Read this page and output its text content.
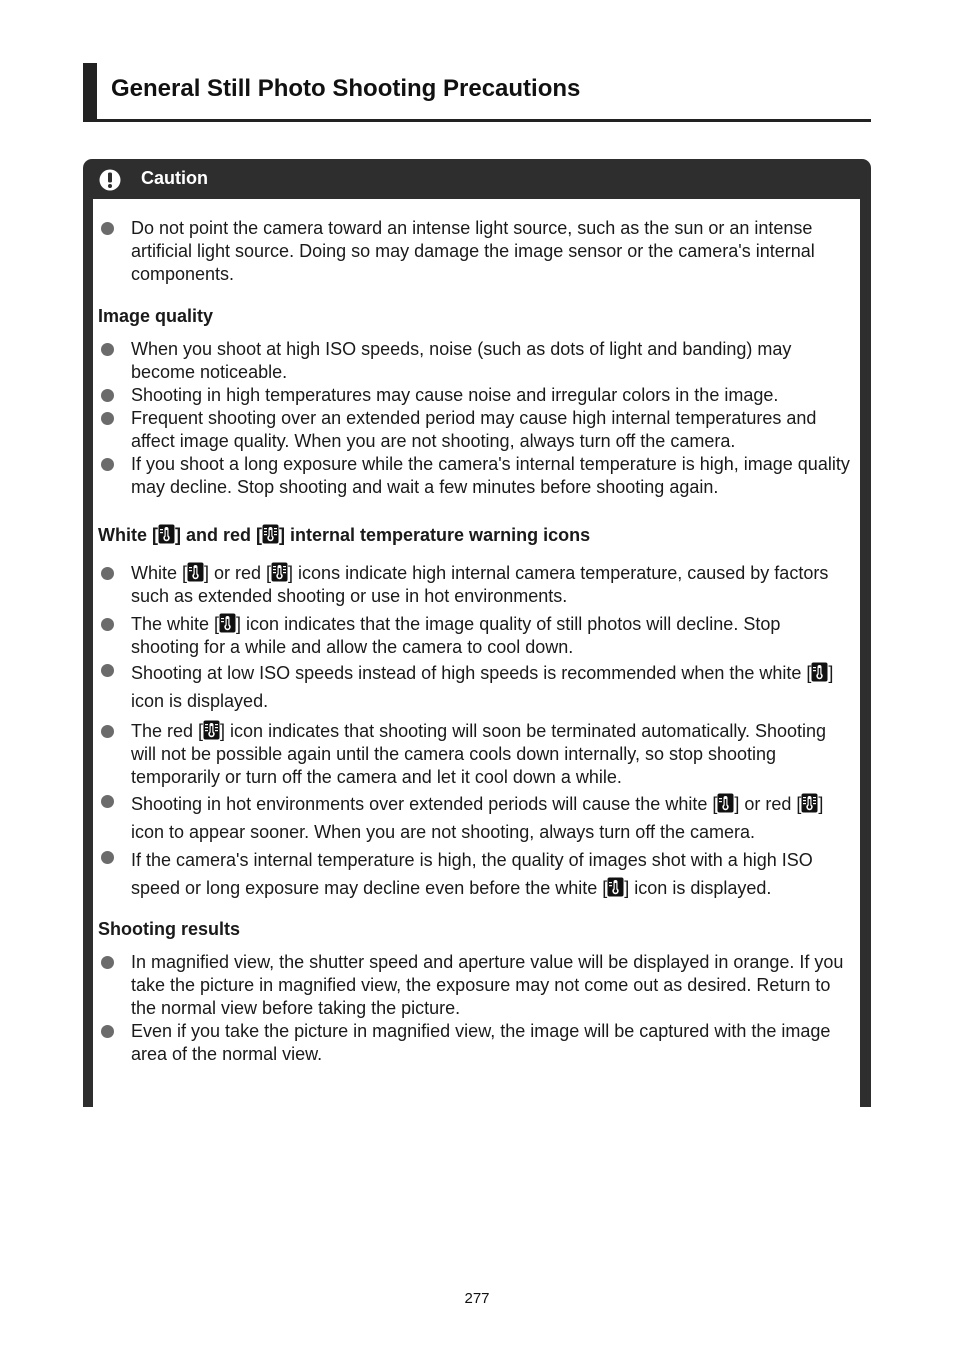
General Still Photo Shooting Precautions
Caution
Do not point the camera toward an intense light source, such as the sun or an intense artificial light source. Doing so may damage the image sensor or the camera's internal components.
Image quality
When you shoot at high ISO speeds, noise (such as dots of light and banding) may become noticeable.
Shooting in high temperatures may cause noise and irregular colors in the image.
Frequent shooting over an extended period may cause high internal temperatures and affect image quality. When you are not shooting, always turn off the camera.
If you shoot a long exposure while the camera's internal temperature is high, image quality may decline. Stop shooting and wait a few minutes before shooting again.
White [ ] and red [ ] internal temperature warning icons
White [ ] or red [ ] icons indicate high internal camera temperature, caused by factors such as extended shooting or use in hot environments.
The white [ ] icon indicates that the image quality of still photos will decline. Stop shooting for a while and allow the camera to cool down.
Shooting at low ISO speeds instead of high speeds is recommended when the white [ ] icon is displayed.
The red [ ] icon indicates that shooting will soon be terminated automatically. Shooting will not be possible again until the camera cools down internally, so stop shooting temporarily or turn off the camera and let it cool down a while.
Shooting in hot environments over extended periods will cause the white [ ] or red [ ] icon to appear sooner. When you are not shooting, always turn off the camera.
If the camera's internal temperature is high, the quality of images shot with a high ISO speed or long exposure may decline even before the white [ ] icon is displayed.
Shooting results
In magnified view, the shutter speed and aperture value will be displayed in orange. If you take the picture in magnified view, the exposure may not come out as desired. Return to the normal view before taking the picture.
Even if you take the picture in magnified view, the image will be captured with the image area of the normal view.
277
